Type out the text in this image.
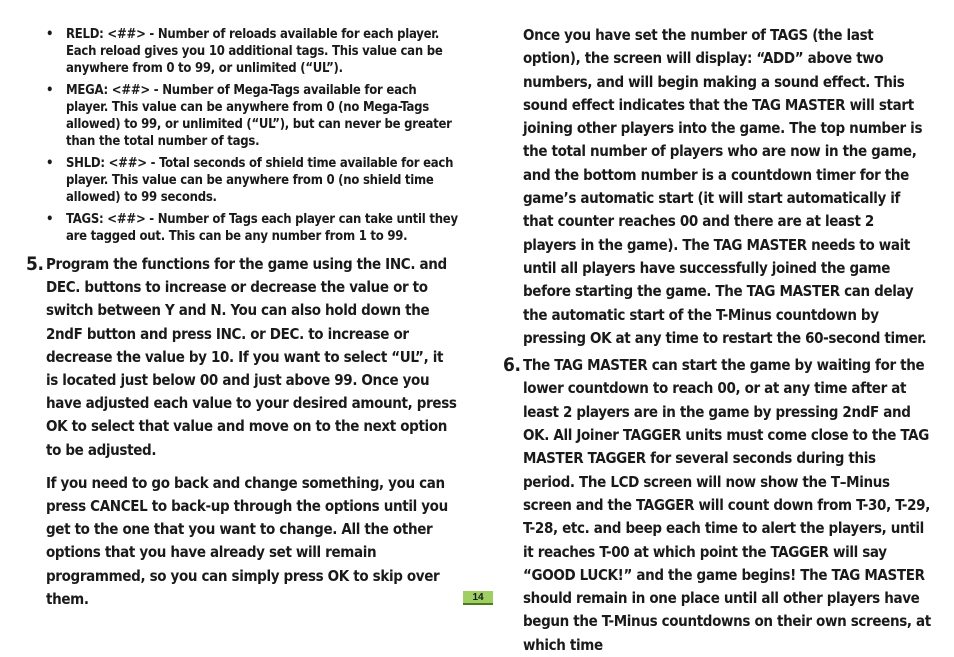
• RELD: <##> - Number of reloads available for each player. Each reload gives you 10 additional tags. This value can be anywhere from 0 to 99, or unlimited (“UL”).
• MEGA: <##> - Number of Mega-Tags available for each player. This value can be anywhere from 0 (no Mega-Tags allowed) to 99, or unlimited (“UL”), but can never be greater than the total number of tags.
• SHLD: <##> - Total seconds of shield time available for each player. This value can be anywhere from 0 (no shield time allowed) to 99 seconds.
• TAGS: <##> - Number of Tags each player can take until they are tagged out. This can be any number from 1 to 99.
5. Program the functions for the game using the INC. and DEC. buttons to increase or decrease the value or to switch between Y and N. You can also hold down the 2ndF button and press INC. or DEC. to increase or decrease the value by 10. If you want to select “UL”, it is located just below 00 and just above 99. Once you have adjusted each value to your desired amount, press OK to select that value and move on to the next option to be adjusted.

If you need to go back and change something, you can press CANCEL to back-up through the options until you get to the one that you want to change. All the other options that you have already set will remain programmed, so you can simply press OK to skip over them.

Once you have set the number of TAGS (the last option), the screen will display: “ADD” above two numbers, and will begin making a sound effect. This sound effect indicates that the TAG MASTER will start joining other players into the game. The top number is the total number of players who are now in the game, and the bottom number is a countdown timer for the game’s automatic start (it will start automatically if that counter reaches 00 and there are at least 2 players in the game). The TAG MASTER needs to wait until all players have successfully joined the game before starting the game. The TAG MASTER can delay the automatic start of the T-Minus countdown by pressing OK at any time to restart the 60-second timer.

6. The TAG MASTER can start the game by waiting for the lower countdown to reach 00, or at any time after at least 2 players are in the game by pressing 2ndF and OK. All Joiner TAGGER units must come close to the TAG MASTER TAGGER for several seconds during this period. The LCD screen will now show the T–Minus screen and the TAGGER will count down from T-30, T-29, T-28, etc. and beep each time to alert the players, until it reaches T-00 at which point the TAGGER will say “GOOD LUCK!” and the game begins! The TAG MASTER should remain in one place until all other players have begun the T-Minus countdowns on their own screens, at which time

14
